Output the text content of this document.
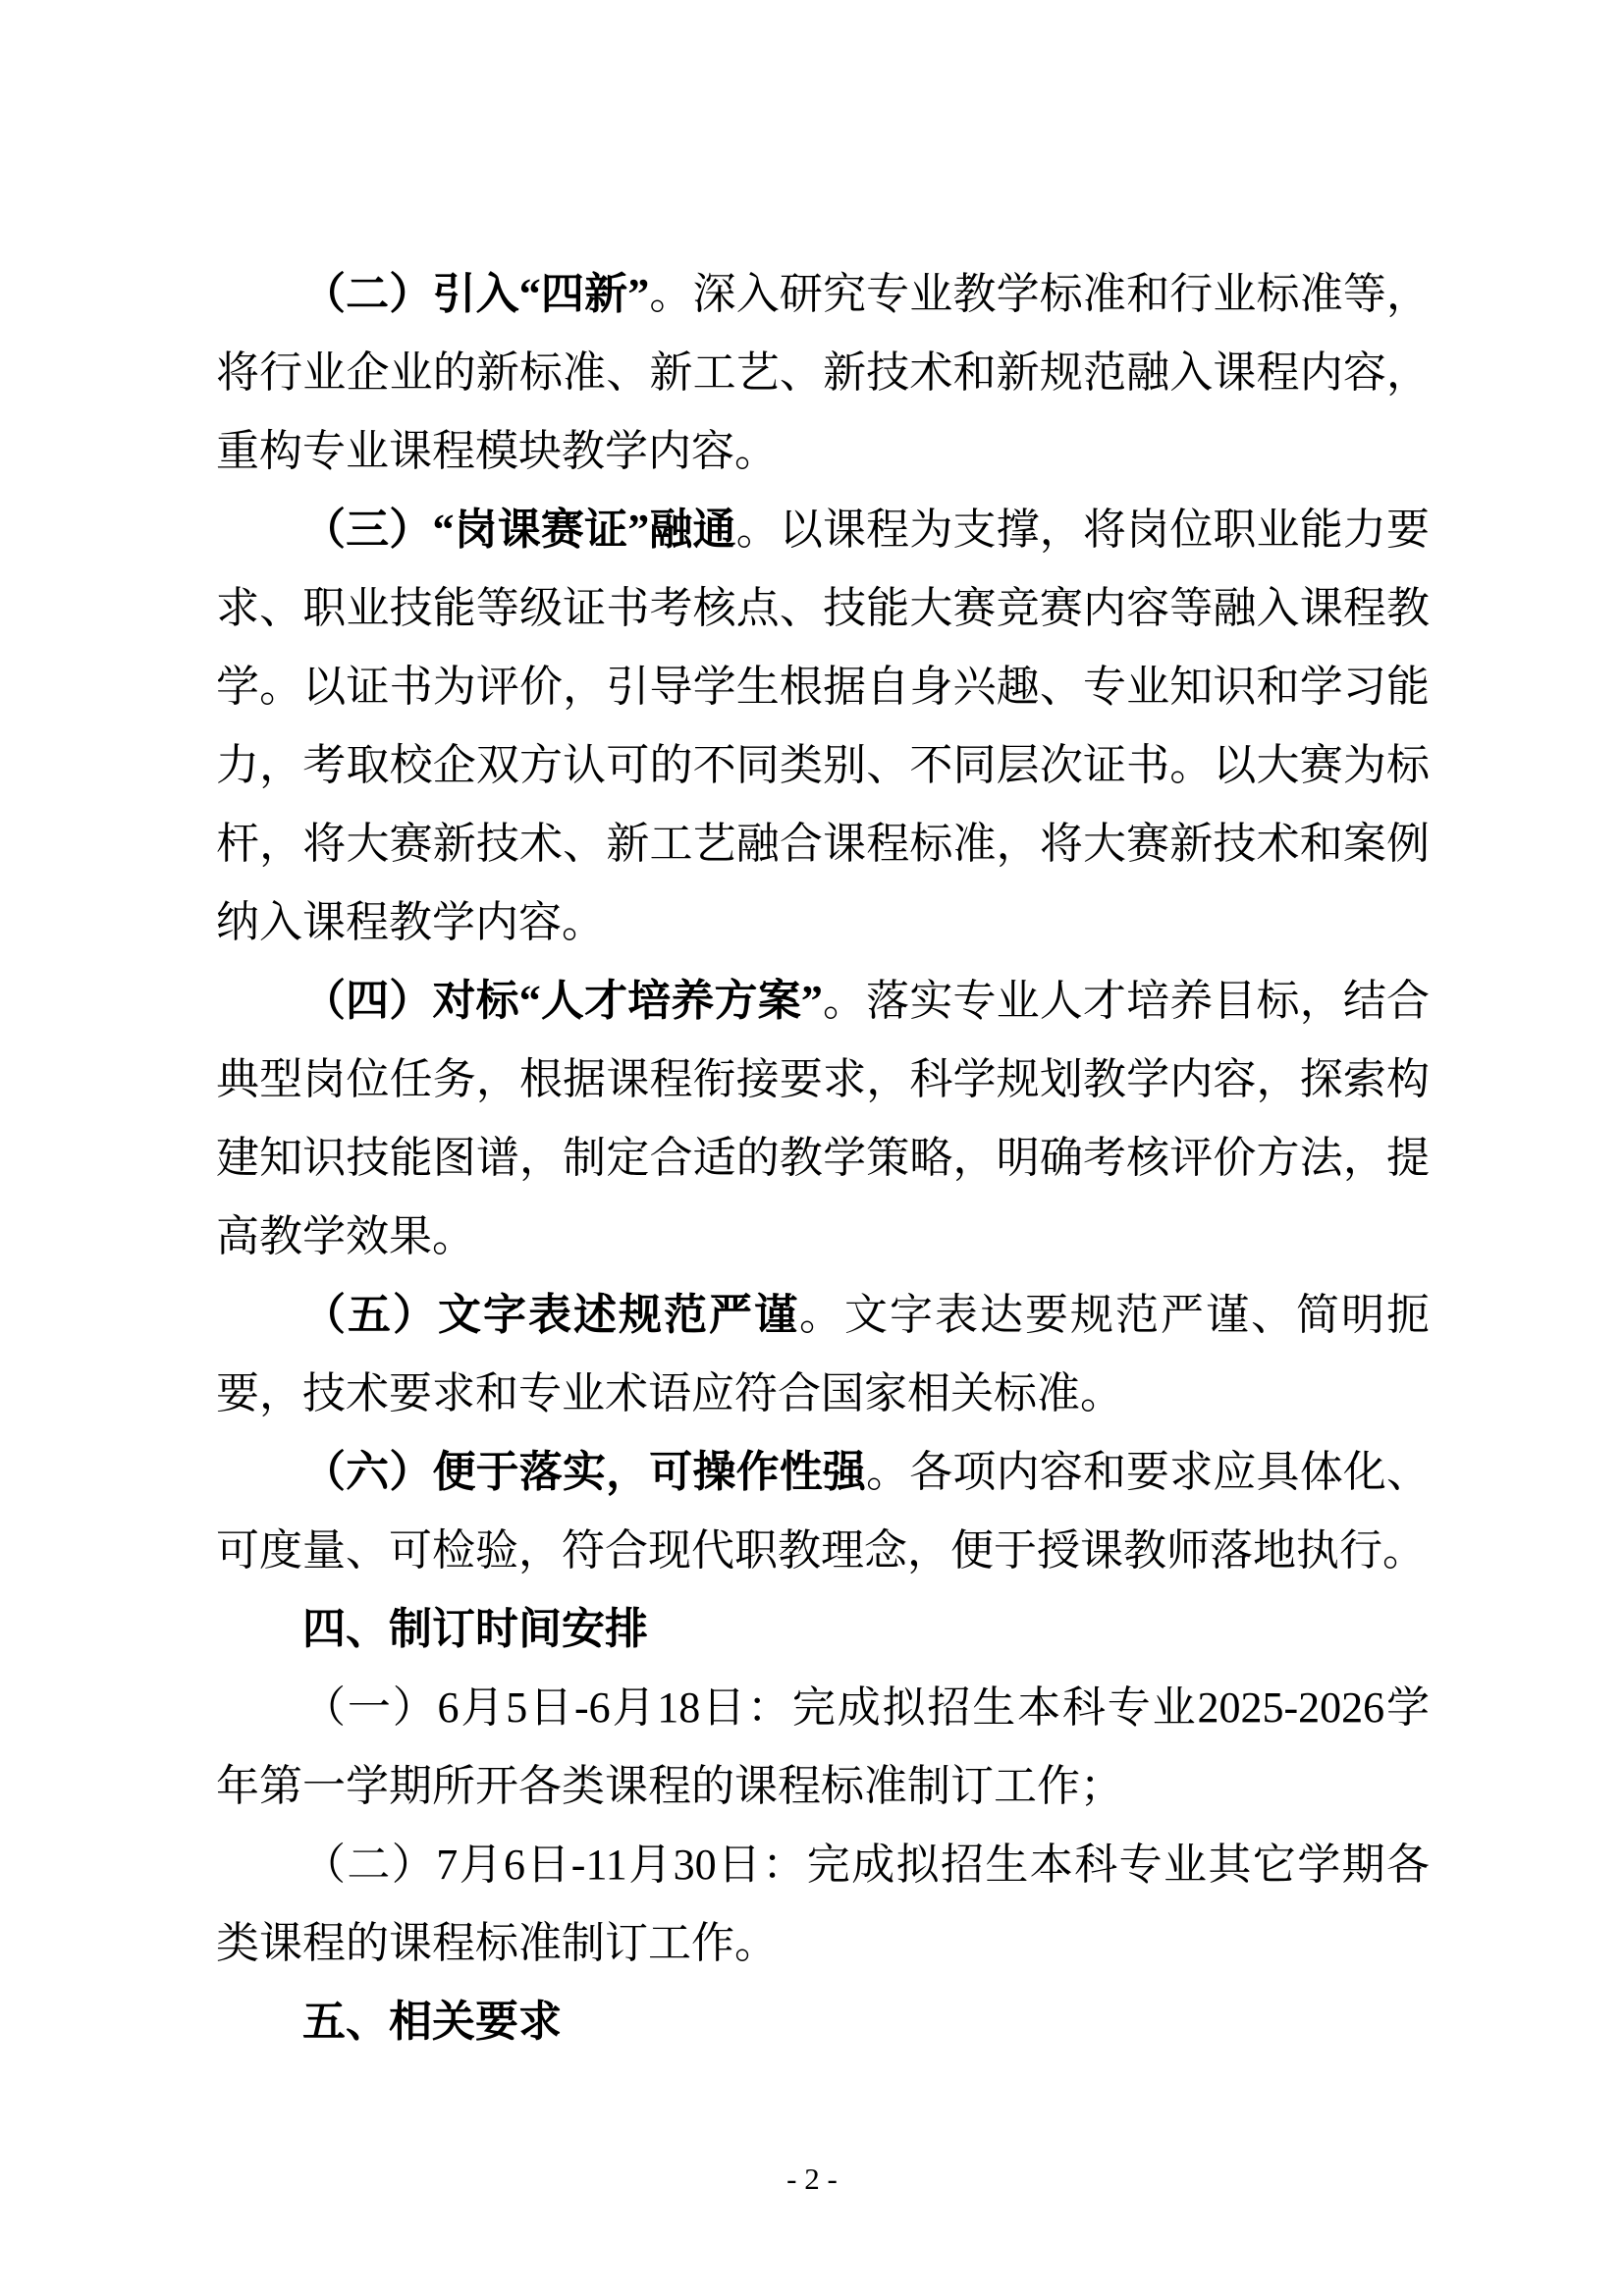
（二）引入“四新”。深入研究专业教学标准和行业标准等，将行业企业的新标准、新工艺、新技术和新规范融入课程内容，重构专业课程模块教学内容。

（三）“岗课赛证”融通。以课程为支撑，将岗位职业能力要求、职业技能等级证书考核点、技能大赛竞赛内容等融入课程教学。以证书为评价，引导学生根据自身兴趣、专业知识和学习能力，考取校企双方认可的不同类别、不同层次证书。以大赛为标杆，将大赛新技术、新工艺融合课程标准，将大赛新技术和案例纳入课程教学内容。

（四）对标“人才培养方案”。落实专业人才培养目标，结合典型岗位任务，根据课程衔接要求，科学规划教学内容，探索构建知识技能图谱，制定合适的教学策略，明确考核评价方法，提高教学效果。

（五）文字表述规范严谨。文字表达要规范严谨、简明扼要，技术要求和专业术语应符合国家相关标准。

（六）便于落实，可操作性强。各项内容和要求应具体化、可度量、可检验，符合现代职教理念，便于授课教师落地执行。

四、制订时间安排

（一）6月5日-6月18日：完成拟招生本科专业2025-2026学年第一学期所开各类课程的课程标准制订工作；

（二）7月6日-11月30日：完成拟招生本科专业其它学期各类课程的课程标准制订工作。

五、相关要求
- 2 -
